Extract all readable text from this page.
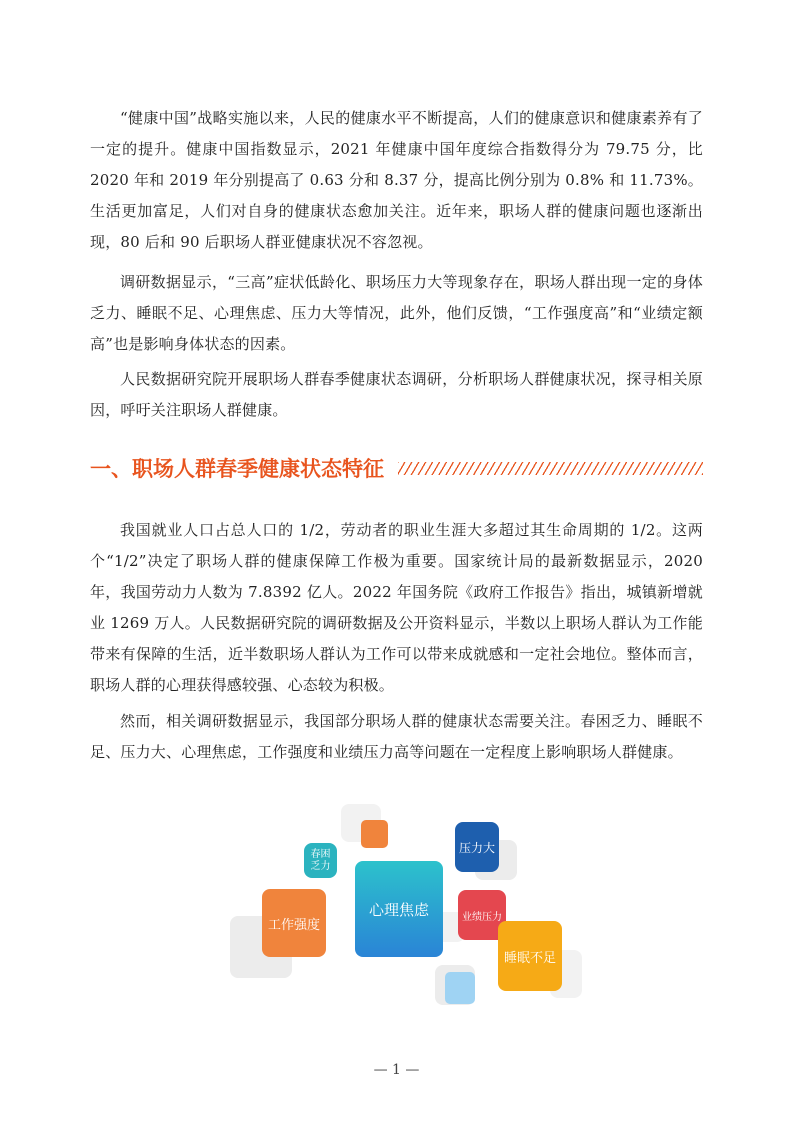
“健康中国”战略实施以来，人民的健康水平不断提高，人们的健康意识和健康素养有了一定的提升。健康中国指数显示，2021 年健康中国年度综合指数得分为 79.75 分，比 2020 年和 2019 年分别提高了 0.63 分和 8.37 分，提高比例分别为 0.8% 和 11.73%。生活更加富足，人们对自身的健康状态愈加关注。近年来，职场人群的健康问题也逐渐出现，80 后和 90 后职场人群亚健康状况不容忽视。

调研数据显示，“三高”症状低龄化、职场压力大等现象存在，职场人群出现一定的身体乏力、睡眠不足、心理焦虑、压力大等情况，此外，他们反馈，“工作强度高”和“业绩定额高”也是影响身体状态的因素。

人民数据研究院开展职场人群春季健康状态调研，分析职场人群健康状况，探寻相关原因，呼吁关注职场人群健康。

一、职场人群春季健康状态特征

我国就业人口占总人口的 1/2，劳动者的职业生涯大多超过其生命周期的 1/2。这两个“1/2”决定了职场人群的健康保障工作极为重要。国家统计局的最新数据显示，2020 年，我国劳动力人数为 7.8392 亿人。2022 年国务院《政府工作报告》指出，城镇新增就业 1269 万人。人民数据研究院的调研数据及公开资料显示，半数以上职场人群认为工作能带来有保障的生活，近半数职场人群认为工作可以带来成就感和一定社会地位。整体而言，职场人群的心理获得感较强、心态较为积极。

然而，相关调研数据显示，我国部分职场人群的健康状态需要关注。春困乏力、睡眠不足、压力大、心理焦虑，工作强度和业绩压力高等问题在一定程度上影响职场人群健康。

春困
乏力
心理焦虑
工作强度
压力大
业绩压力
睡眠不足
— 1 —
